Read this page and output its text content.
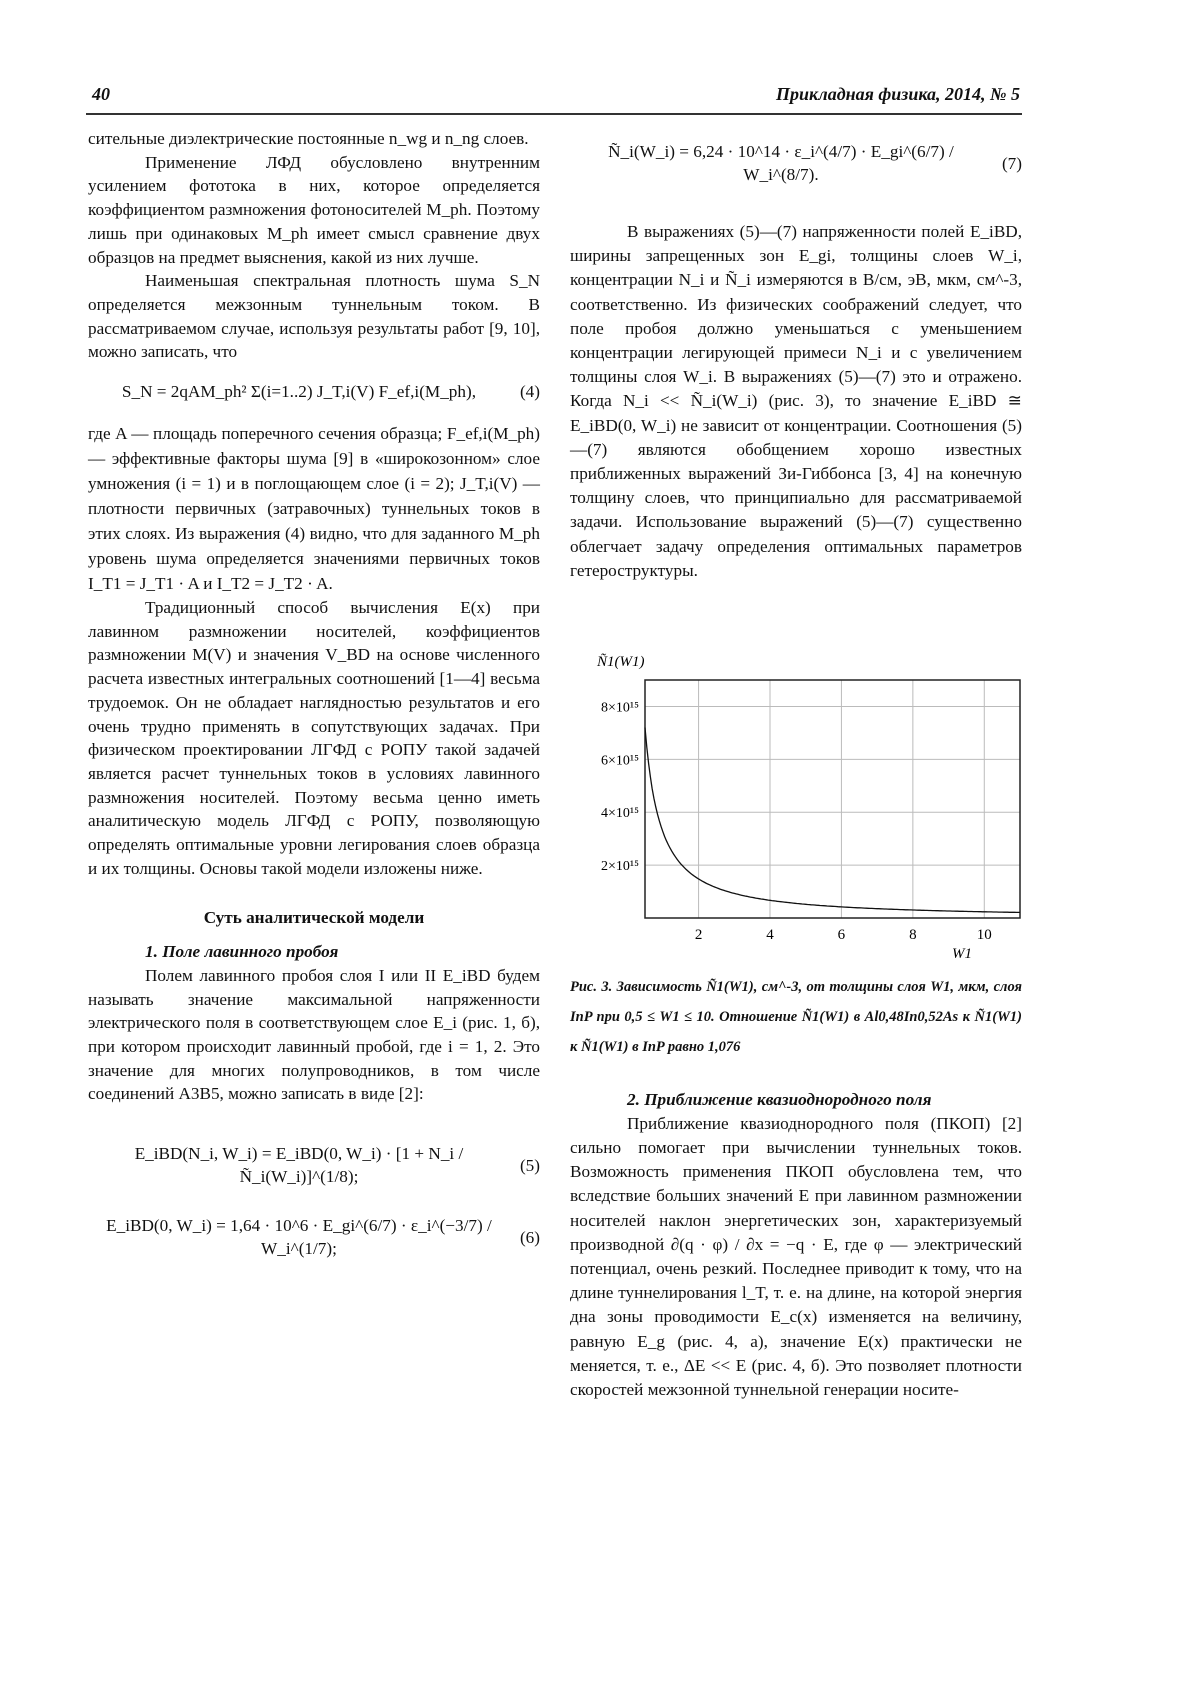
40	Прикладная физика, 2014, № 5

сительные диэлектрические постоянные n_wg и n_ng слоев.

Применение ЛФД обусловлено внутренним усилением фототока в них, которое определяется коэффициентом размножения фотоносителей M_ph. Поэтому лишь при одинаковых M_ph имеет смысл сравнение двух образцов на предмет выяснения, какой из них лучше.

Наименьшая спектральная плотность шума S_N определяется межзонным туннельным током. В рассматриваемом случае, используя результаты работ [9, 10], можно записать, что

S_N = 2qAM_ph² Σ(i=1..2) J_T,i(V) F_ef,i(M_ph),	(4)

где A — площадь поперечного сечения образца; F_ef,i(M_ph) — эффективные факторы шума [9] в «широкозонном» слое умножения (i = 1) и в поглощающем слое (i = 2); J_T,i(V) — плотности первичных (затравочных) туннельных токов в этих слоях. Из выражения (4) видно, что для заданного M_ph уровень шума определяется значениями первичных токов I_T1 = J_T1 · A и I_T2 = J_T2 · A.

Традиционный способ вычисления E(x) при лавинном размножении носителей, коэффициентов размножении M(V) и значения V_BD на основе численного расчета известных интегральных соотношений [1—4] весьма трудоемок. Он не обладает наглядностью результатов и его очень трудно применять в сопутствующих задачах. При физическом проектировании ЛГФД с РОПУ такой задачей является расчет туннельных токов в условиях лавинного размножения носителей. Поэтому весьма ценно иметь аналитическую модель ЛГФД с РОПУ, позволяющую определять оптимальные уровни легирования слоев образца и их толщины. Основы такой модели изложены ниже.

Суть аналитической модели

1. Поле лавинного пробоя

Полем лавинного пробоя слоя I или II E_iBD будем называть значение максимальной напряженности электрического поля в соответствующем слое E_i (рис. 1, б), при котором происходит лавинный пробой, где i = 1, 2. Это значение для многих полупроводников, в том числе соединений A3B5, можно записать в виде [2]:

E_iBD(N_i, W_i) = E_iBD(0, W_i) · [1 + N_i / Ñ_i(W_i)]^(1/8);
(5)
E_iBD(0, W_i) = 1,64 · 10^6 · E_gi^(6/7) · ε_i^(−3/7) / W_i^(1/7);
(6)
Ñ_i(W_i) = 6,24 · 10^14 · ε_i^(4/7) · E_gi^(6/7) / W_i^(8/7).
(7)

В выражениях (5)—(7) напряженности полей E_iBD, ширины запрещенных зон E_gi, толщины слоев W_i, концентрации N_i и Ñ_i измеряются в В/см, эВ, мкм, см^-3, соответственно. Из физических соображений следует, что поле пробоя должно уменьшаться с уменьшением концентрации легирующей примеси N_i и с увеличением толщины слоя W_i. В выражениях (5)—(7) это и отражено. Когда N_i << Ñ_i(W_i) (рис. 3), то значение E_iBD ≅ E_iBD(0, W_i) не зависит от концентрации. Соотношения (5)—(7) являются обобщением хорошо известных приближенных выражений Зи-Гиббонса [3, 4] на конечную толщину слоев, что принципиально для рассматриваемой задачи. Использование выражений (5)—(7) существенно облегчает задачу определения оптимальных параметров гетероструктуры.

2	4	6	8	10
2×10¹⁵
4×10¹⁵
6×10¹⁵
8×10¹⁵
Ñ1(W1)
W1
Рис. 3. Зависимость Ñ1(W1), см^-3, от толщины слоя W1, мкм, слоя InP при 0,5 ≤ W1 ≤ 10. Отношение Ñ1(W1) в Al0,48In0,52As к Ñ1(W1) к Ñ1(W1) в InP равно 1,076

2. Приближение квазиоднородного поля

Приближение квазиоднородного поля (ПКОП) [2] сильно помогает при вычислении туннельных токов. Возможность применения ПКОП обусловлена тем, что вследствие больших значений E при лавинном размножении носителей наклон энергетических зон, характеризуемый производной ∂(q · φ) / ∂x = −q · E, где φ — электрический потенциал, очень резкий. Последнее приводит к тому, что на длине туннелирования l_T, т. е. на длине, на которой энергия дна зоны проводимости E_c(x) изменяется на величину, равную E_g (рис. 4, а), значение E(x) практически не меняется, т. е., ΔE << E (рис. 4, б). Это позволяет плотности скоростей межзонной туннельной генерации носите-
